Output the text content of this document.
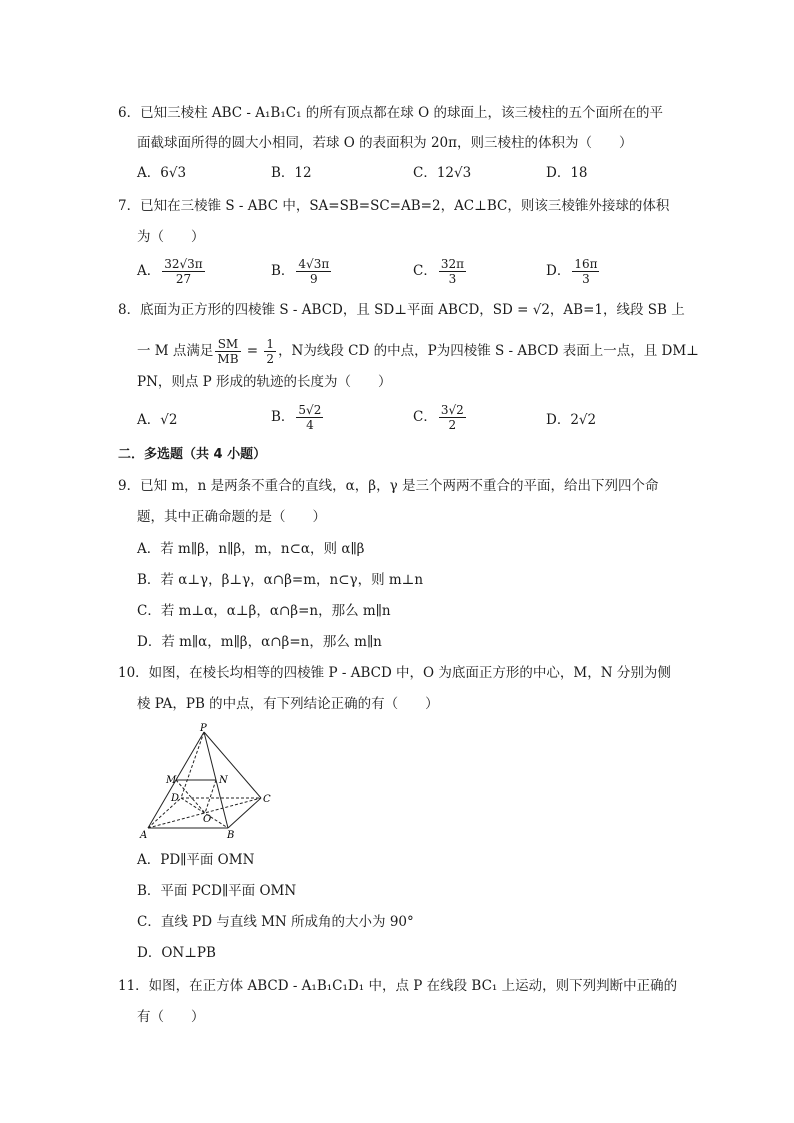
6．已知三棱柱 ABC - A₁B₁C₁ 的所有顶点都在球 O 的球面上，该三棱柱的五个面所在的平
面截球面所得的圆大小相同，若球 O 的表面积为 20π，则三棱柱的体积为（　　）
A．6√3	B．12	C．12√3	D．18
7．已知在三棱锥 S - ABC 中，SA=SB=SC=AB=2，AC⊥BC，则该三棱锥外接球的体积
为（　　）
A． $\frac{32√3\pi}{27}$	B． $\frac{4√3\pi}{9}$	C． $\frac{32\pi}{3}$	D． $\frac{16\pi}{3}$
8．底面为正方形的四棱锥 S - ABCD，且 SD⊥平面 ABCD，SD = √2，AB=1，线段 SB 上
一 M 点满足 $\frac{SM}{MB} = \frac{1}{2}$ ，N为线段 CD 的中点，P为四棱锥 S - ABCD 表面上一点，且 DM⊥
PN，则点 P 形成的轨迹的长度为（　　）
A．√2	B． $\frac{5√2}{4}$	C． $\frac{3√2}{2}$	D．2√2
二．多选题（共 4 小题）
9．已知 m，n 是两条不重合的直线，α，β，γ 是三个两两不重合的平面，给出下列四个命
题，其中正确命题的是（　　）
A．若 m∥β，n∥β，m，n⊂α，则 α∥β
B．若 α⊥γ，β⊥γ，α∩β=m，n⊂γ，则 m⊥n
C．若 m⊥α，α⊥β，α∩β=n，那么 m∥n
D．若 m∥α，m∥β，α∩β=n，那么 m∥n
10．如图，在棱长均相等的四棱锥 P - ABCD 中，O 为底面正方形的中心，M，N 分别为侧
棱 PA，PB 的中点，有下列结论正确的有（　　）
P
M	N
D	C
O
A	B
A．PD∥平面 OMN
B．平面 PCD∥平面 OMN
C．直线 PD 与直线 MN 所成角的大小为 90°
D．ON⊥PB
11．如图，在正方体 ABCD - A₁B₁C₁D₁ 中，点 P 在线段 BC₁ 上运动，则下列判断中正确的
有（　　）
